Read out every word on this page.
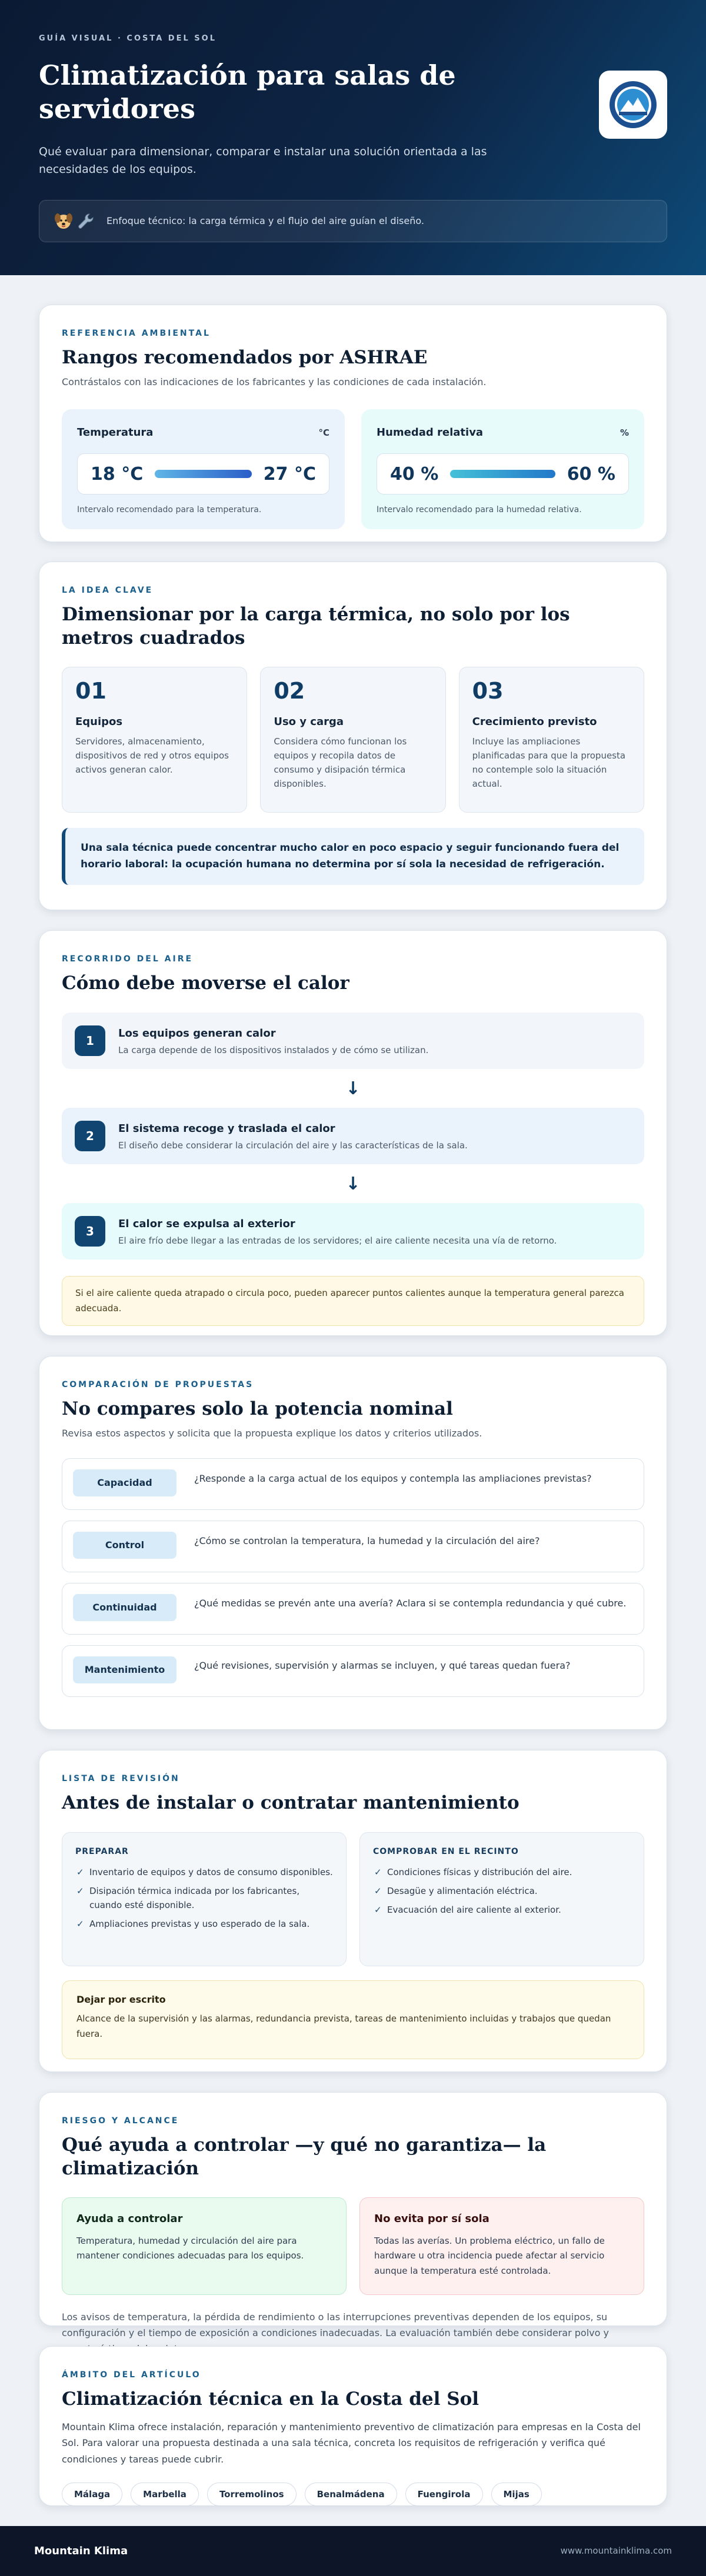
GUÍA VISUAL · COSTA DEL SOL
Climatización para salas de servidores

Qué evaluar para dimensionar, comparar e instalar una solución orientada a las necesidades de los equipos.

Enfoque técnico: la carga térmica y el flujo del aire guían el diseño.
REFERENCIA AMBIENTAL
Rangos recomendados por ASHRAE

Contrástalos con las indicaciones de los fabricantes y las condiciones de cada instalación.

Temperatura	°C
18 °C	27 °C

Intervalo recomendado para la temperatura.

Humedad relativa	%
40 %	60 %

Intervalo recomendado para la humedad relativa.

LA IDEA CLAVE
Dimensionar por la carga térmica, no solo por los metros cuadrados
01
Equipos

Servidores, almacenamiento, dispositivos de red y otros equipos activos generan calor.

02
Uso y carga

Considera cómo funcionan los equipos y recopila datos de consumo y disipación térmica disponibles.

03
Crecimiento previsto

Incluye las ampliaciones planificadas para que la propuesta no contemple solo la situación actual.

Una sala técnica puede concentrar mucho calor en poco espacio y seguir funcionando fuera del horario laboral: la ocupación humana no determina por sí sola la necesidad de refrigeración.
RECORRIDO DEL AIRE
Cómo debe moverse el calor
1
Los equipos generan calor
La carga depende de los dispositivos instalados y de cómo se utilizan.
↓
2
El sistema recoge y traslada el calor
El diseño debe considerar la circulación del aire y las características de la sala.
↓
3
El calor se expulsa al exterior
El aire frío debe llegar a las entradas de los servidores; el aire caliente necesita una vía de retorno.
Si el aire caliente queda atrapado o circula poco, pueden aparecer puntos calientes aunque la temperatura general parezca adecuada.
COMPARACIÓN DE PROPUESTAS
No compares solo la potencia nominal

Revisa estos aspectos y solicita que la propuesta explique los datos y criterios utilizados.

Capacidad	¿Responde a la carga actual de los equipos y contempla las ampliaciones previstas?
Control	¿Cómo se controlan la temperatura, la humedad y la circulación del aire?
Continuidad	¿Qué medidas se prevén ante una avería? Aclara si se contempla redundancia y qué cubre.
Mantenimiento	¿Qué revisiones, supervisión y alarmas se incluyen, y qué tareas quedan fuera?
LISTA DE REVISIÓN
Antes de instalar o contratar mantenimiento
PREPARAR
✓ Inventario de equipos y datos de consumo disponibles.
✓ Disipación térmica indicada por los fabricantes, cuando esté disponible.
✓ Ampliaciones previstas y uso esperado de la sala.
COMPROBAR EN EL RECINTO
✓ Condiciones físicas y distribución del aire.
✓ Desagüe y alimentación eléctrica.
✓ Evacuación del aire caliente al exterior.
Dejar por escrito

Alcance de la supervisión y las alarmas, redundancia prevista, tareas de mantenimiento incluidas y trabajos que quedan fuera.

RIESGO Y ALCANCE
Qué ayuda a controlar —y qué no garantiza— la climatización
Ayuda a controlar

Temperatura, humedad y circulación del aire para mantener condiciones adecuadas para los equipos.

No evita por sí sola

Todas las averías. Un problema eléctrico, un fallo de hardware u otra incidencia puede afectar al servicio aunque la temperatura esté controlada.

Los avisos de temperatura, la pérdida de rendimiento o las interrupciones preventivas dependen de los equipos, su configuración y el tiempo de exposición a condiciones inadecuadas. La evaluación también debe considerar polvo y

ÁMBITO DEL ARTÍCULO
Climatización técnica en la Costa del Sol

Mountain Klima ofrece instalación, reparación y mantenimiento preventivo de climatización para empresas en la Costa del Sol. Para valorar una propuesta destinada a una sala técnica, concreta los requisitos de refrigeración y verifica qué condiciones y tareas puede cubrir.

Málaga	Marbella	Torremolinos	Benalmádena	Fuengirola	Mijas
Mountain Klima	www.mountainklima.com
